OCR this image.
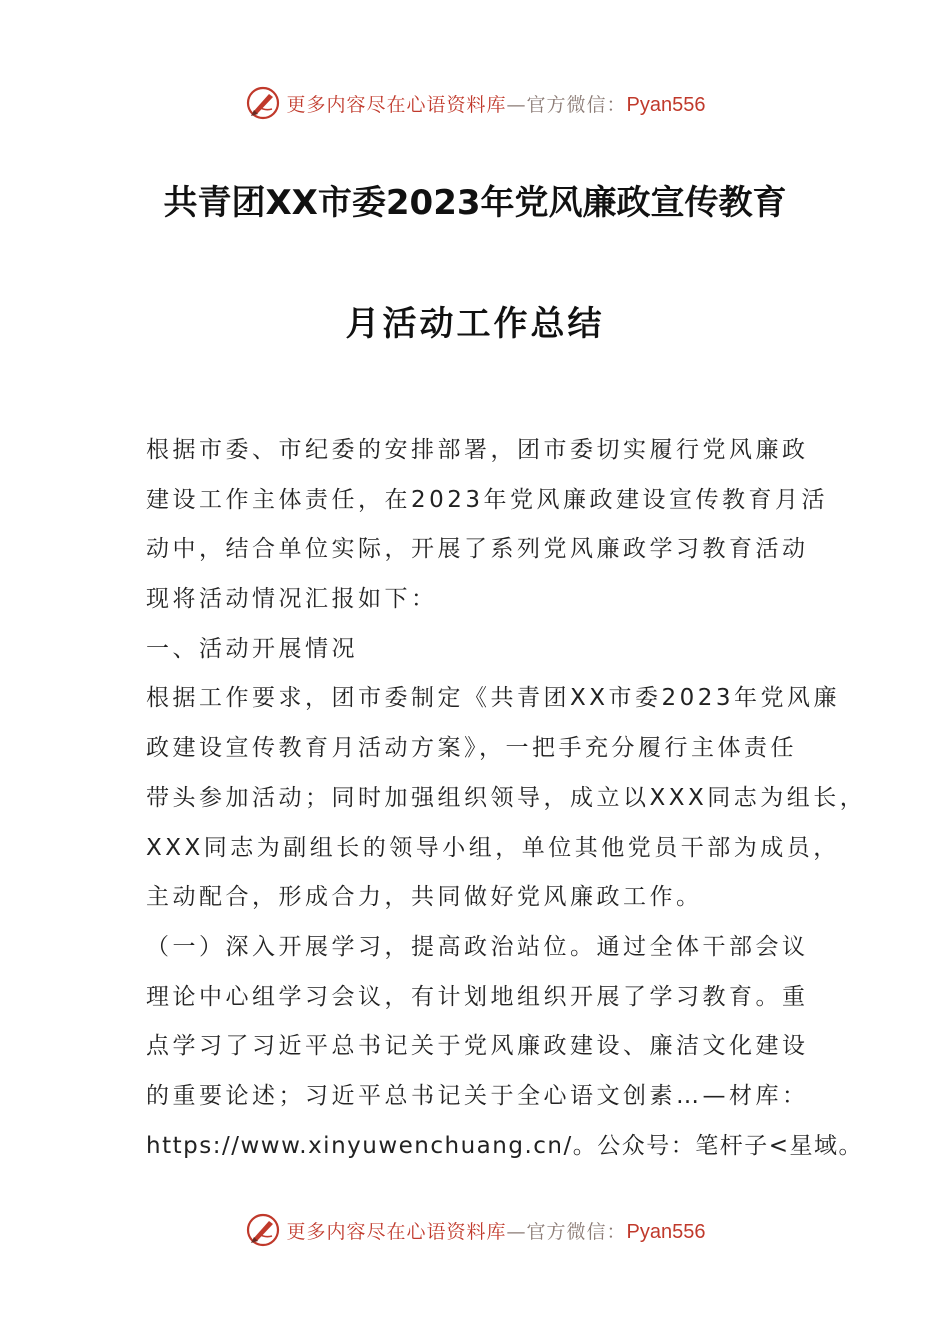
更多内容尽在心语资料库—官方微信：Pyan556
共青团XX市委2023年党风廉政宣传教育
月活动工作总结
根据市委、市纪委的安排部署，团市委切实履行党风廉政
建设工作主体责任，在2023年党风廉政建设宣传教育月活
动中，结合单位实际，开展了系列党风廉政学习教育活动
现将活动情况汇报如下：
一、活动开展情况
根据工作要求，团市委制定《共青团XX市委2023年党风廉
政建设宣传教育月活动方案》，一把手充分履行主体责任
带头参加活动；同时加强组织领导，成立以XXX同志为组长，
XXX同志为副组长的领导小组，单位其他党员干部为成员，
主动配合，形成合力，共同做好党风廉政工作。
（一）深入开展学习，提高政治站位。通过全体干部会议
理论中心组学习会议，有计划地组织开展了学习教育。重
点学习了习近平总书记关于党风廉政建设、廉洁文化建设
的重要论述；习近平总书记关于全心语文创素…—材库：
https://www.xinyuwenchuang.cn/。公众号：笔杆子<星域。
更多内容尽在心语资料库—官方微信：Pyan556
